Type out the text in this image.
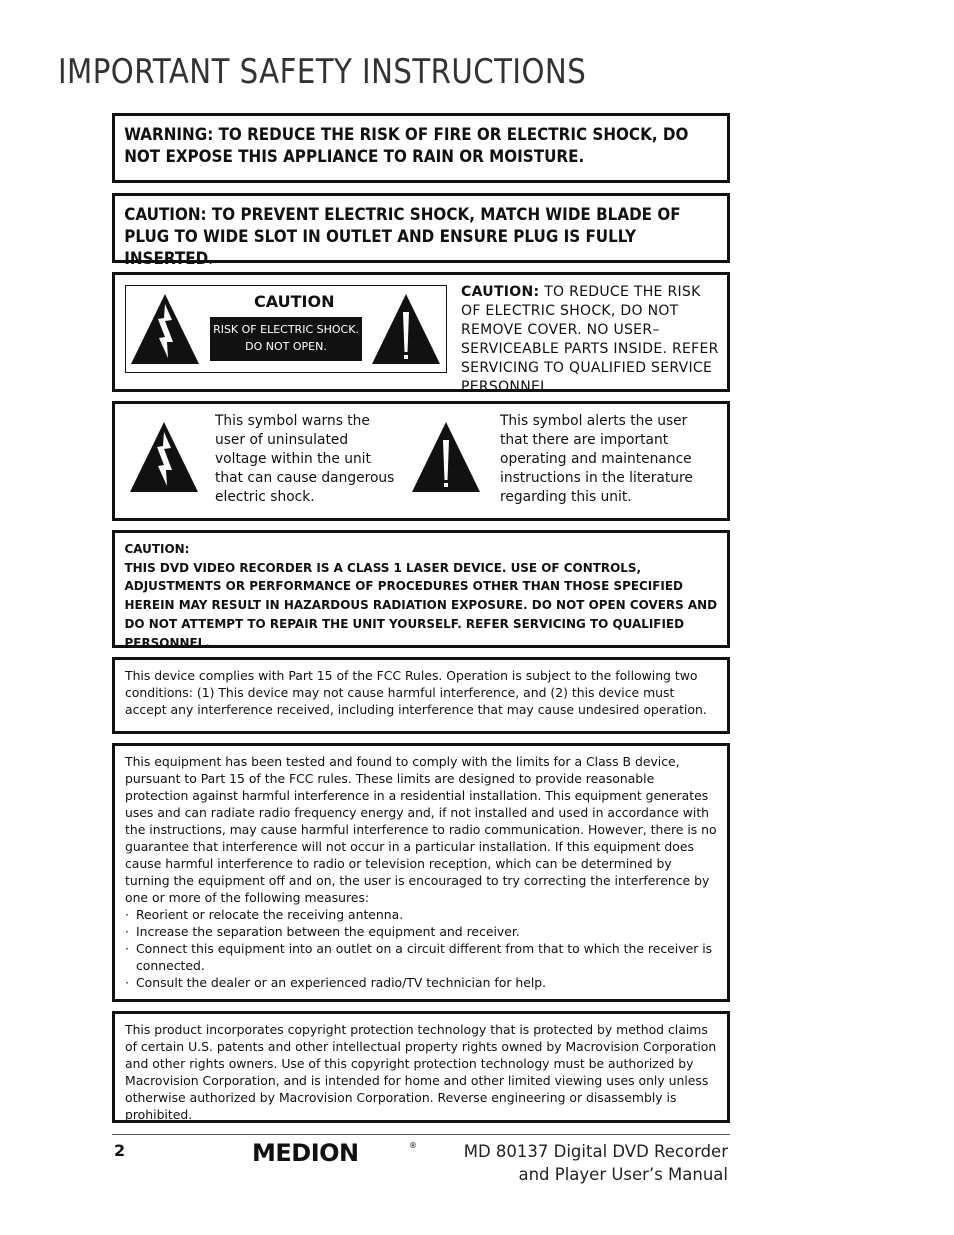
IMPORTANT SAFETY INSTRUCTIONS
WARNING: TO REDUCE THE RISK OF FIRE OR ELECTRIC SHOCK, DO NOT EXPOSE THIS APPLIANCE TO RAIN OR MOISTURE.
CAUTION: TO PREVENT ELECTRIC SHOCK, MATCH WIDE BLADE OF PLUG TO WIDE SLOT IN OUTLET AND ENSURE PLUG IS FULLY INSERTED.
CAUTION
RISK OF ELECTRIC SHOCK.
DO NOT OPEN.
CAUTION: TO REDUCE THE RISK OF ELECTRIC SHOCK, DO NOT REMOVE COVER. NO USER–SERVICEABLE PARTS INSIDE. REFER SERVICING TO QUALIFIED SERVICE PERSONNEL.
This symbol warns the user of uninsulated voltage within the unit that can cause dangerous electric shock.
This symbol alerts the user that there are important operating and maintenance instructions in the literature regarding this unit.
CAUTION:
THIS DVD VIDEO RECORDER IS A CLASS 1 LASER DEVICE. USE OF CONTROLS, ADJUSTMENTS OR PERFORMANCE OF PROCEDURES OTHER THAN THOSE SPECIFIED HEREIN MAY RESULT IN HAZARDOUS RADIATION EXPOSURE. DO NOT OPEN COVERS AND DO NOT ATTEMPT TO REPAIR THE UNIT YOURSELF. REFER SERVICING TO QUALIFIED PERSONNEL.
This device complies with Part 15 of the FCC Rules. Operation is subject to the following two conditions: (1) This device may not cause harmful interference, and (2) this device must accept any interference received, including interference that may cause undesired operation.
This equipment has been tested and found to comply with the limits for a Class B device, pursuant to Part 15 of the FCC rules. These limits are designed to provide reasonable protection against harmful interference in a residential installation. This equipment generates uses and can radiate radio frequency energy and, if not installed and used in accordance with the instructions, may cause harmful interference to radio communication. However, there is no guarantee that interference will not occur in a particular installation. If this equipment does cause harmful interference to radio or television reception, which can be determined by turning the equipment off and on, the user is encouraged to try correcting the interference by one or more of the following measures:
· Reorient or relocate the receiving antenna.
· Increase the separation between the equipment and receiver.
· Connect this equipment into an outlet on a circuit different from that to which the receiver is connected.
· Consult the dealer or an experienced radio/TV technician for help.
This product incorporates copyright protection technology that is protected by method claims of certain U.S. patents and other intellectual property rights owned by Macrovision Corporation and other rights owners. Use of this copyright protection technology must be authorized by Macrovision Corporation, and is intended for home and other limited viewing uses only unless otherwise authorized by Macrovision Corporation. Reverse engineering or disassembly is prohibited.
2	MEDION	®	MD 80137 Digital DVD Recorder
and Player User’s Manual
